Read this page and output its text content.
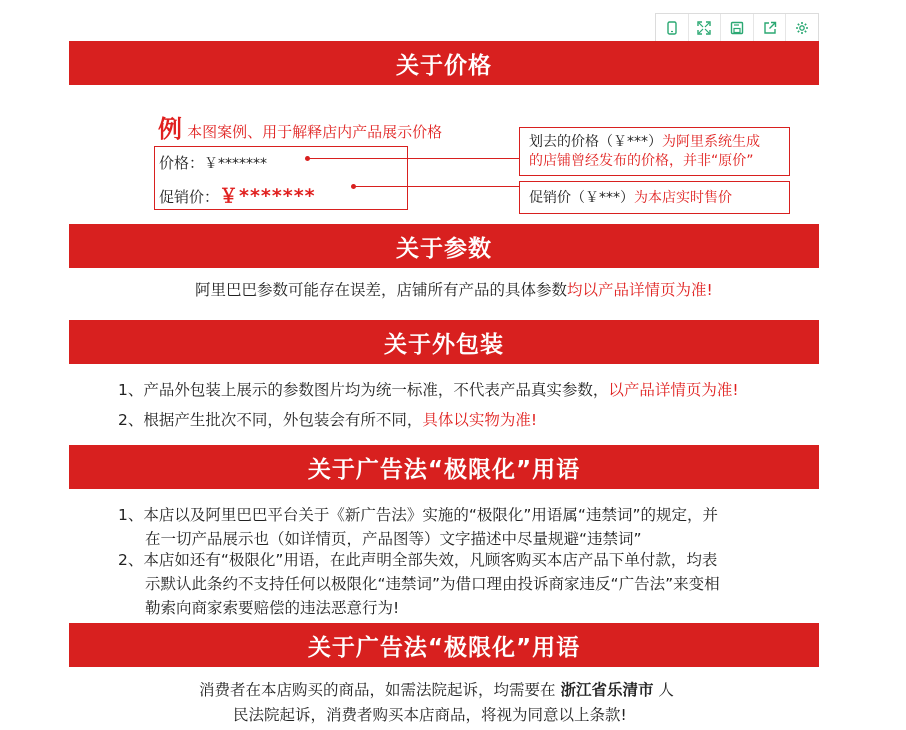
关于价格
例 本图案例、用于解释店内产品展示价格
价格：￥*******
促销价：￥*******
划去的价格（￥***）为阿里系统生成
的店铺曾经发布的价格，并非“原价”
促销价（￥***）为本店实时售价
关于参数
阿里巴巴参数可能存在误差，店铺所有产品的具体参数均以产品详情页为准!
关于外包装
1、产品外包装上展示的参数图片均为统一标准，不代表产品真实参数，以产品详情页为准!
2、根据产生批次不同，外包装会有所不同，具体以实物为准!
关于广告法“极限化”用语
1、本店以及阿里巴巴平台关于《新广告法》实施的“极限化”用语属“违禁词”的规定，并
在一切产品展示也（如详情页，产品图等）文字描述中尽量规避“违禁词”
2、本店如还有“极限化”用语，在此声明全部失效，凡顾客购买本店产品下单付款，均表
示默认此条约不支持任何以极限化“违禁词”为借口理由投诉商家违反“广告法”来变相
勒索向商家索要赔偿的违法恶意行为!
关于广告法“极限化”用语
消费者在本店购买的商品，如需法院起诉，均需要在 浙江省乐清市 人
民法院起诉，消费者购买本店商品，将视为同意以上条款!
